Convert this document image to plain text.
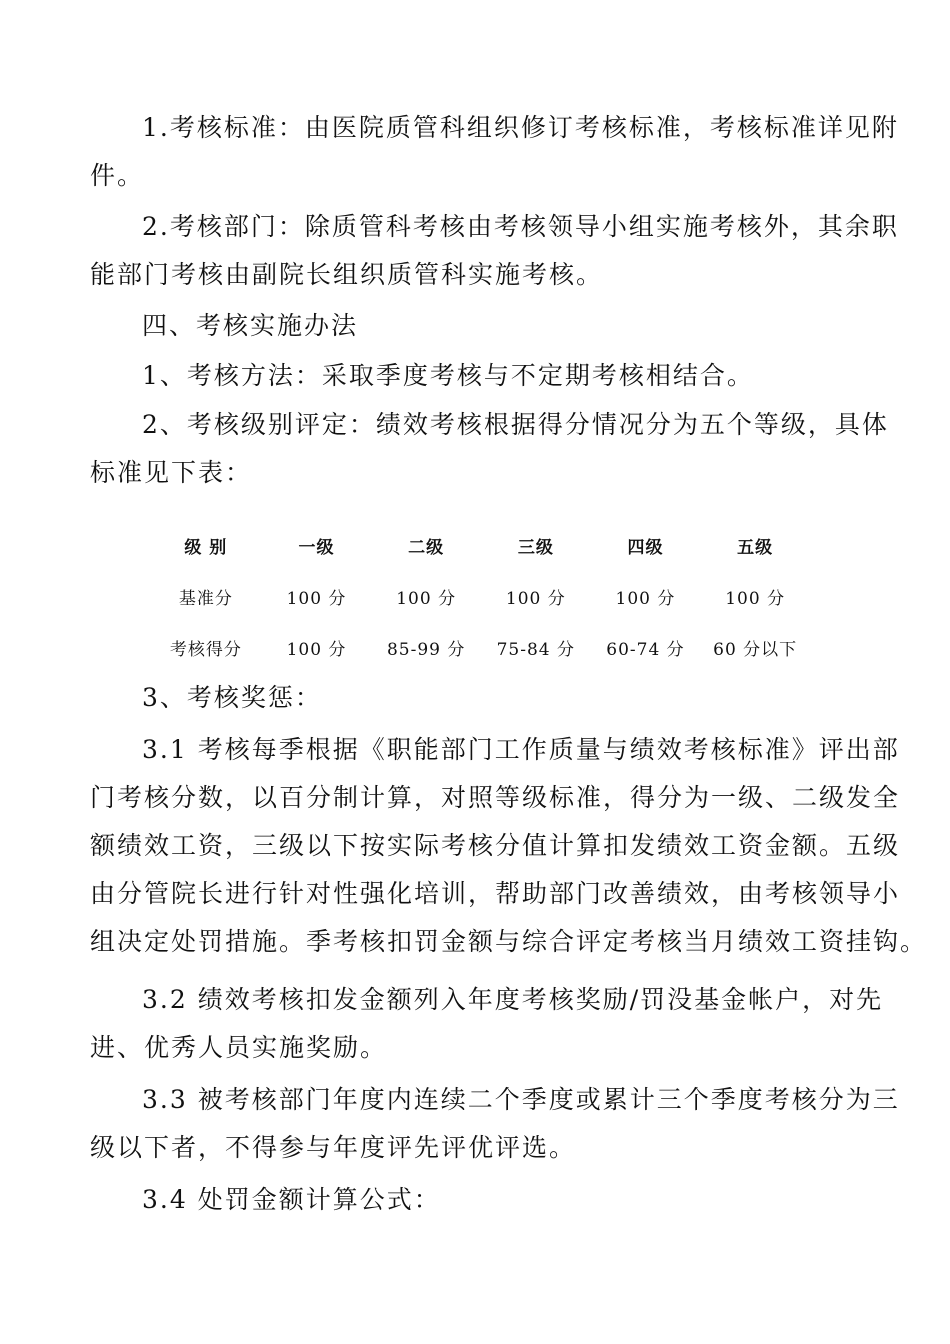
1.考核标准：由医院质管科组织修订考核标准，考核标准详见附
件。

2.考核部门：除质管科考核由考核领导小组实施考核外，其余职
能部门考核由副院长组织质管科实施考核。

四、考核实施办法

1、考核方法：采取季度考核与不定期考核相结合。

2、考核级别评定：绩效考核根据得分情况分为五个等级，具体
标准见下表：

级 别	一级	二级	三级	四级	五级
基准分	100 分	100 分	100 分	100 分	100 分
考核得分	100 分	85-99 分	75-84 分	60-74 分	60 分以下

3、考核奖惩：

3.1 考核每季根据《职能部门工作质量与绩效考核标准》评出部
门考核分数，以百分制计算，对照等级标准，得分为一级、二级发全
额绩效工资，三级以下按实际考核分值计算扣发绩效工资金额。五级
由分管院长进行针对性强化培训，帮助部门改善绩效，由考核领导小
组决定处罚措施。季考核扣罚金额与综合评定考核当月绩效工资挂钩。

3.2 绩效考核扣发金额列入年度考核奖励/罚没基金帐户，对先
进、优秀人员实施奖励。

3.3 被考核部门年度内连续二个季度或累计三个季度考核分为三
级以下者，不得参与年度评先评优评选。

3.4 处罚金额计算公式：
